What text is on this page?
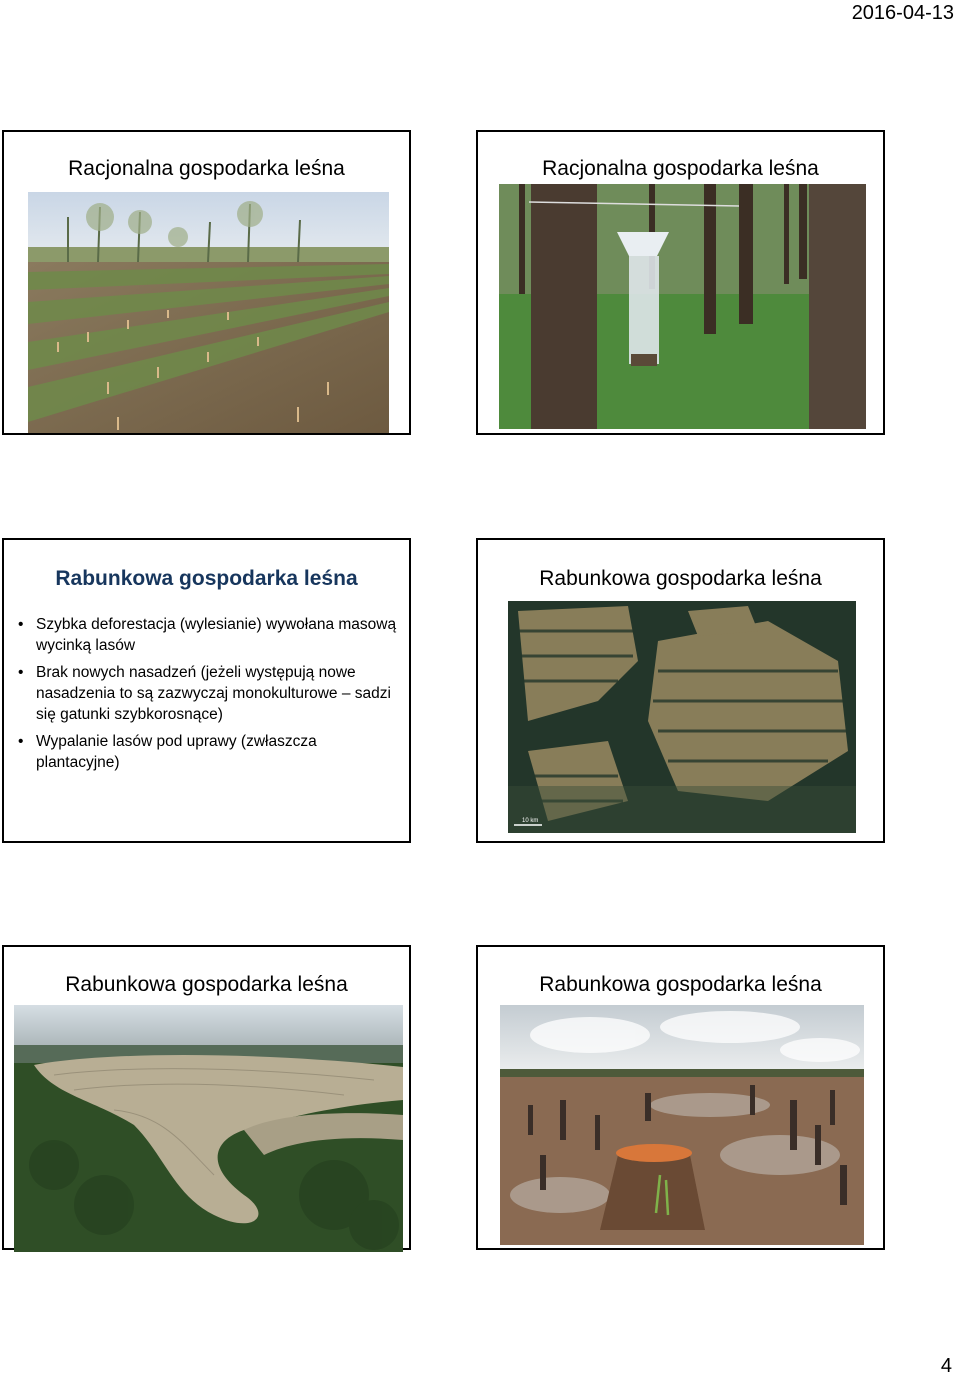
2016-04-13
Racjonalna gospodarka leśna	Racjonalna gospodarka leśna
Rabunkowa gospodarka leśna
• Szybka deforestacja (wylesianie) wywołana masową wycinką lasów
• Brak nowych nasadzeń (jeżeli występują nowe nasadzenia to są zazwyczaj monokulturowe – sadzi się gatunki szybkorosnące)
• Wypalanie lasów pod uprawy (zwłaszcza plantacyjne)
Rabunkowa gospodarka leśna
10 km
Rabunkowa gospodarka leśna	Rabunkowa gospodarka leśna
4
